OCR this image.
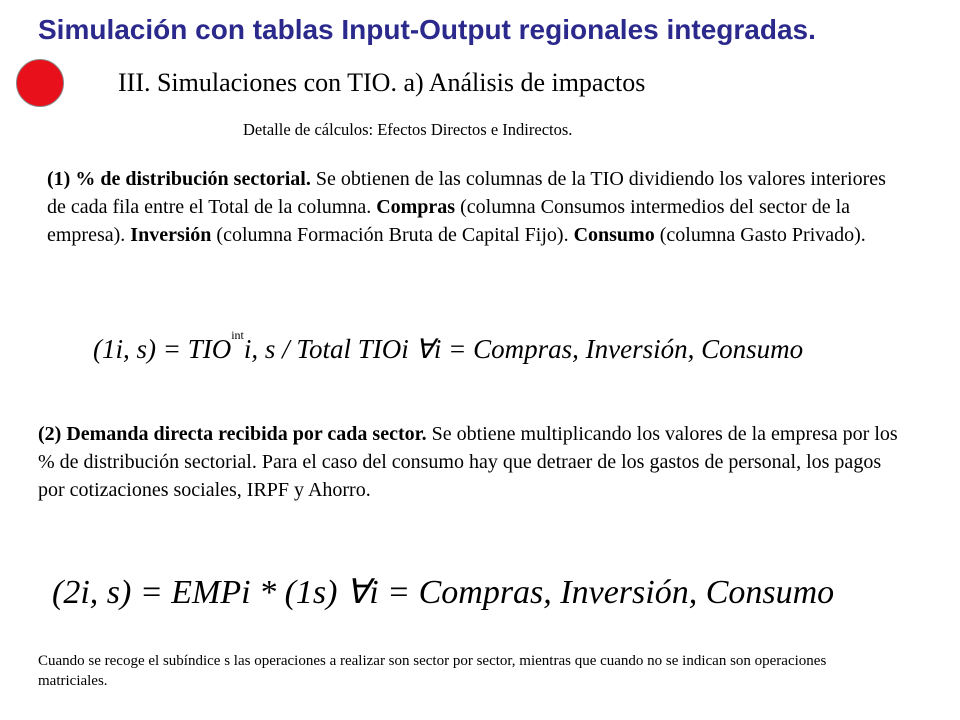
Simulación con tablas Input-Output regionales integradas.
III. Simulaciones con TIO. a) Análisis de impactos
Detalle de cálculos: Efectos Directos e Indirectos.
(1) % de distribución sectorial. Se obtienen de las columnas de la TIO dividiendo los valores interiores de cada fila entre el Total de la columna. Compras (columna Consumos intermedios del sector de la empresa). Inversión (columna Formación Bruta de Capital Fijo). Consumo (columna Gasto Privado).
(1i, $s) = TIO^{int}i$, s / Total TIOi ∀i = Compras, Inversión, Consumo
(2) Demanda directa recibida por cada sector. Se obtiene multiplicando los valores de la empresa por los % de distribución sectorial. Para el caso del consumo hay que detraer de los gastos de personal, los pagos por cotizaciones sociales, IRPF y Ahorro.
(2i, s) = EMPi * (1s) ∀i = Compras, Inversión, Consumo
Cuando se recoge el subíndice s las operaciones a realizar son sector por sector, mientras que cuando no se indican son operaciones matriciales.
